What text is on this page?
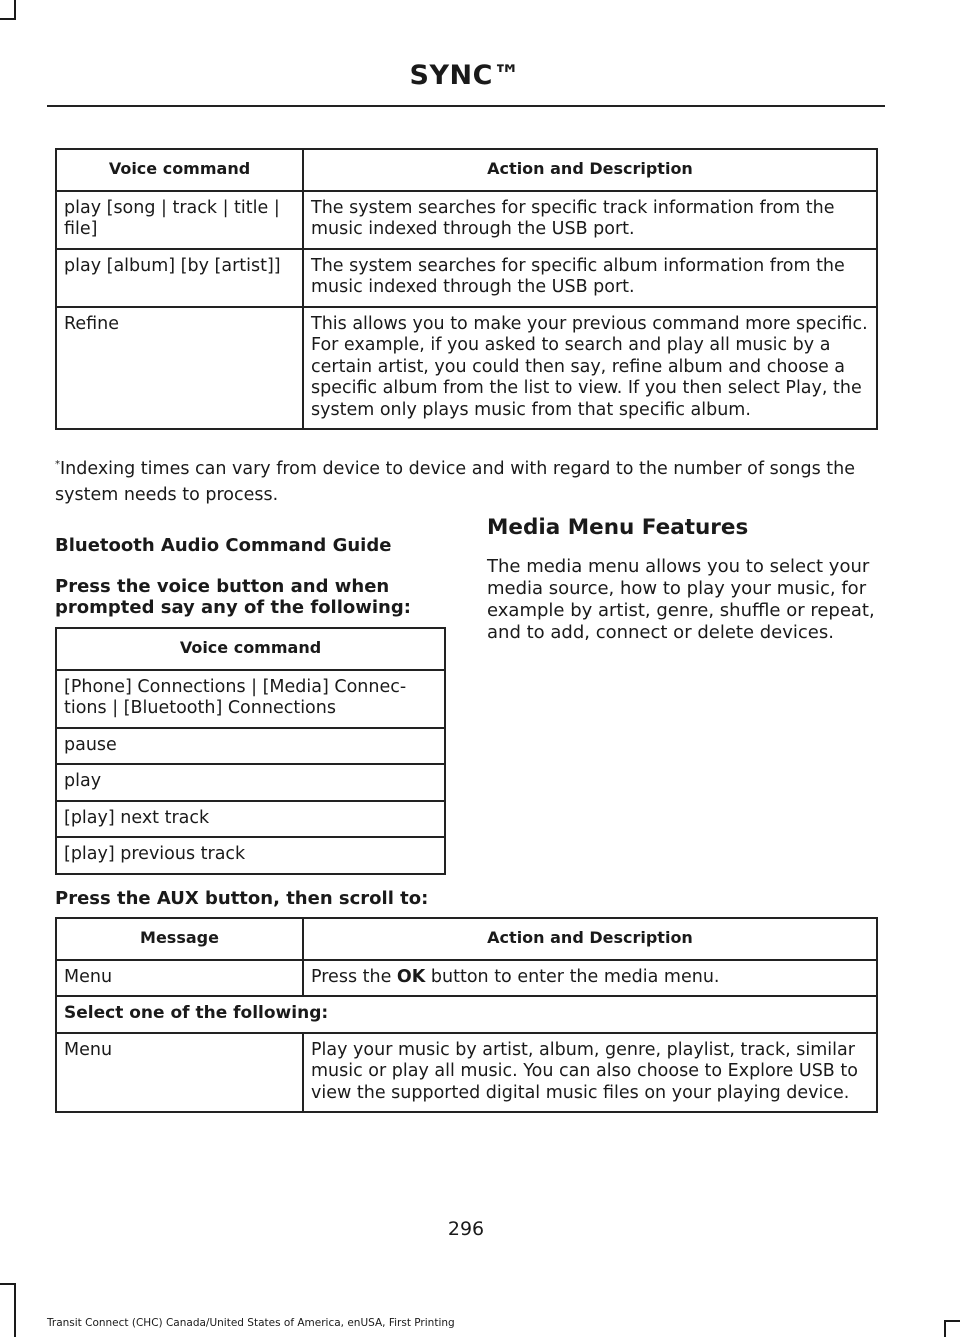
SYNC™
Voice command	Action and Description
play [song | track | title | file]	The system searches for specific track information from the music indexed through the USB port.
play [album] [by [artist]]	The system searches for specific album information from the music indexed through the USB port.
Refine	This allows you to make your previous command more specific. For example, if you asked to search and play all music by a certain artist, you could then say, refine album and choose a specific album from the list to view. If you then select Play, the system only plays music from that specific album.
*Indexing times can vary from device to device and with regard to the number of songs the system needs to process.
Bluetooth Audio Command Guide
Press the voice button and when prompted say any of the following:
Voice command
[Phone] Connections | [Media] Connec-tions | [Bluetooth] Connections
pause
play
[play] next track
[play] previous track
Media Menu Features
The media menu allows you to select your media source, how to play your music, for example by artist, genre, shuffle or repeat, and to add, connect or delete devices.
Press the AUX button, then scroll to:
Message	Action and Description
Menu	Press the OK button to enter the media menu.
Select one of the following:	
Menu	Play your music by artist, album, genre, playlist, track, similar music or play all music. You can also choose to Explore USB to view the supported digital music files on your playing device.
296
Transit Connect (CHC) Canada/United States of America, enUSA, First Printing
